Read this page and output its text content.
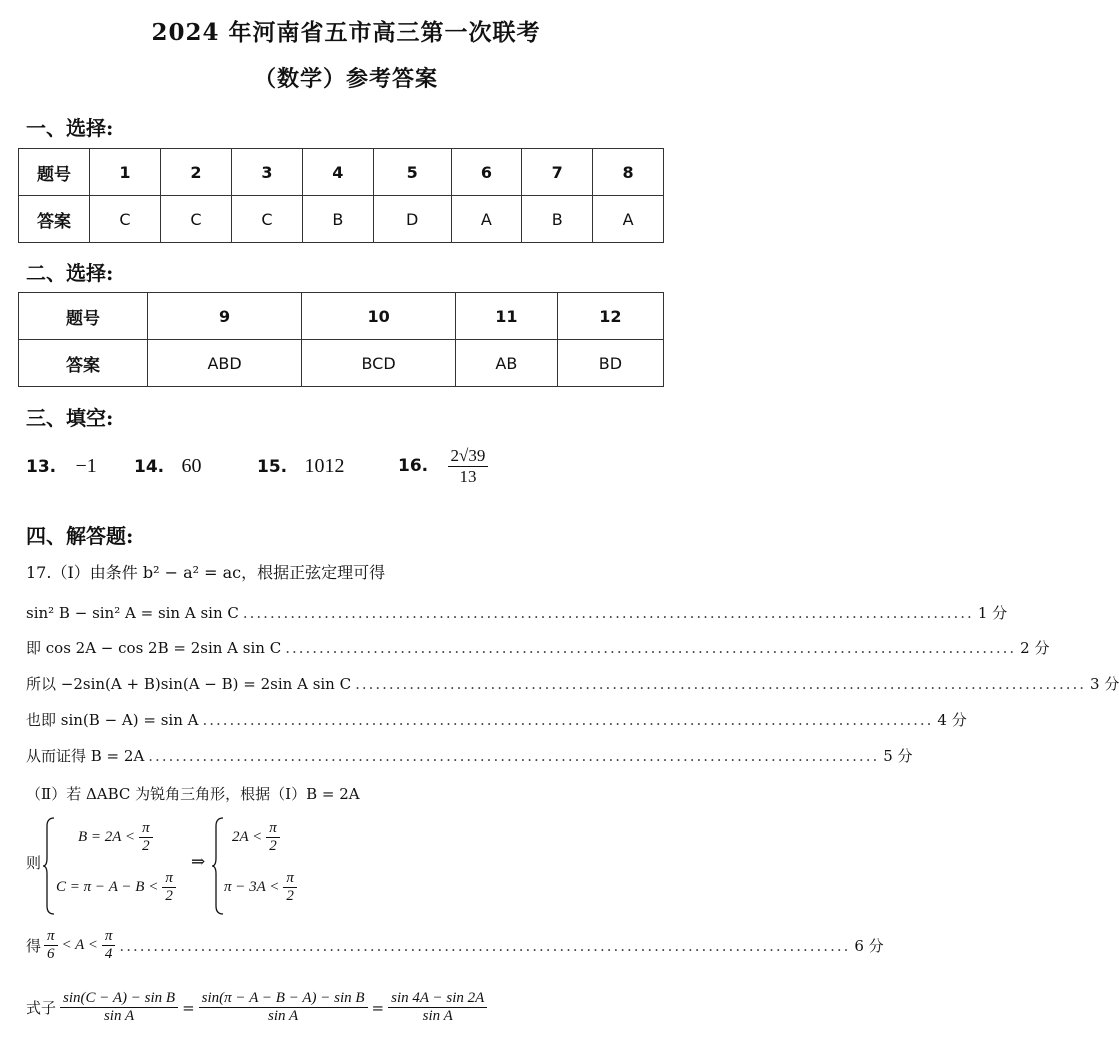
2024 年河南省五市高三第一次联考
（数学）参考答案
一、选择:
题号	1	2	3	4	5	6	7	8
答案	C	C	C	B	D	A	B	A
二、选择:
题号	9	10	11	12
答案	ABD	BCD	AB	BD
三、填空:
13. −1 14. 60	15. 1012	16. $\frac{2√39}{13}$
四、解答题:
17.（Ⅰ）由条件 b² − a² = ac，根据正弦定理可得
sin² B − sin² A = sin A sin C ............................................................................................................ 1 分
即 cos 2A − cos 2B = 2sin A sin C ............................................................................................................ 2 分
所以 −2sin(A + B)sin(A − B) = 2sin A sin C ............................................................................................................ 3 分
也即 sin(B − A) = sin A ............................................................................................................ 4 分
从而证得 B = 2A ............................................................................................................ 5 分
（Ⅱ）若 ΔABC 为锐角三角形，根据（Ⅰ）B = 2A
则
$B = 2A < \frac{\pi}{2}$
$C = \pi - A - B < \frac{\pi}{2}$
⇒
$2A < \frac{\pi}{2}$
$\pi - 3A < \frac{\pi}{2}$
得 $\frac{\pi}{6} < A < \frac{\pi}{4}$ ............................................................................................................ 6 分
式子 $\frac{\text{sin(C − A) − sin B}}{\text{sin A}} = \frac{\text{sin(π − A − B − A) − sin B}}{\text{sin A}} = \frac{\sin 4A - \sin 2A}{\text{sin A}}$
